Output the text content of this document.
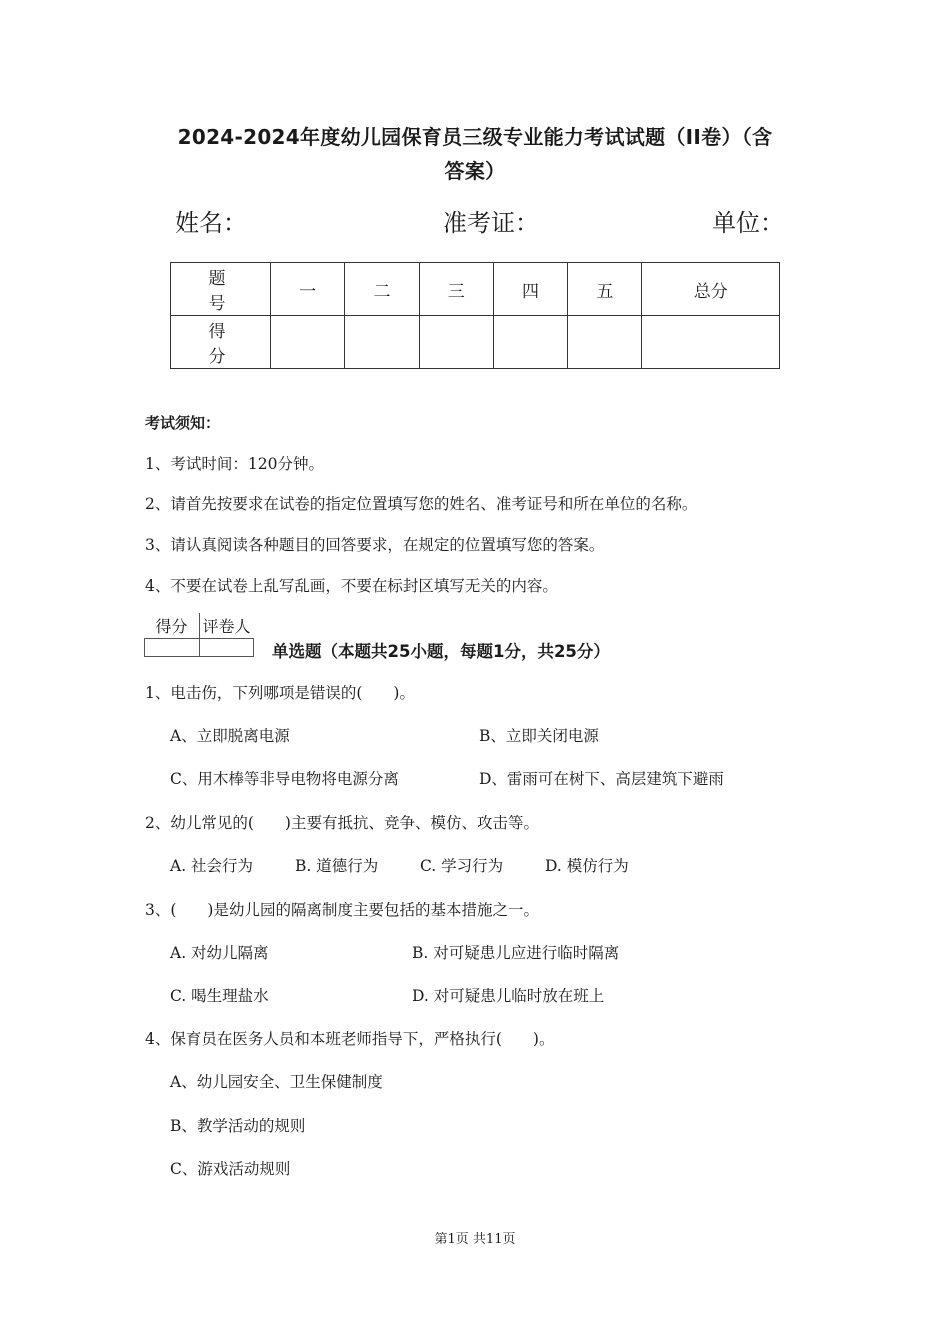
2024-2024年度幼儿园保育员三级专业能力考试试题（II卷）（含
答案）
姓名：	准考证：	单位：
题 号	一	二	三	四	五	总分
得 分						
考试须知：
1、考试时间：120分钟。
2、请首先按要求在试卷的指定位置填写您的姓名、准考证号和所在单位的名称。
3、请认真阅读各种题目的回答要求，在规定的位置填写您的答案。
4、不要在试卷上乱写乱画，不要在标封区填写无关的内容。
得分	评卷人

单选题（本题共25小题，每题1分，共25分）
1、电击伤，下列哪项是错误的(　　)。
A、立即脱离电源	B、立即关闭电源
C、用木棒等非导电物将电源分离	D、雷雨可在树下、高层建筑下避雨
2、幼儿常见的(　　)主要有抵抗、竞争、模仿、攻击等。
A. 社会行为	B. 道德行为	C. 学习行为	D. 模仿行为
3、(　　)是幼儿园的隔离制度主要包括的基本措施之一。
A. 对幼儿隔离	B. 对可疑患儿应进行临时隔离
C. 喝生理盐水	D. 对可疑患儿临时放在班上
4、保育员在医务人员和本班老师指导下，严格执行(　　)。
A、幼儿园安全、卫生保健制度
B、教学活动的规则
C、游戏活动规则
第1页 共11页
